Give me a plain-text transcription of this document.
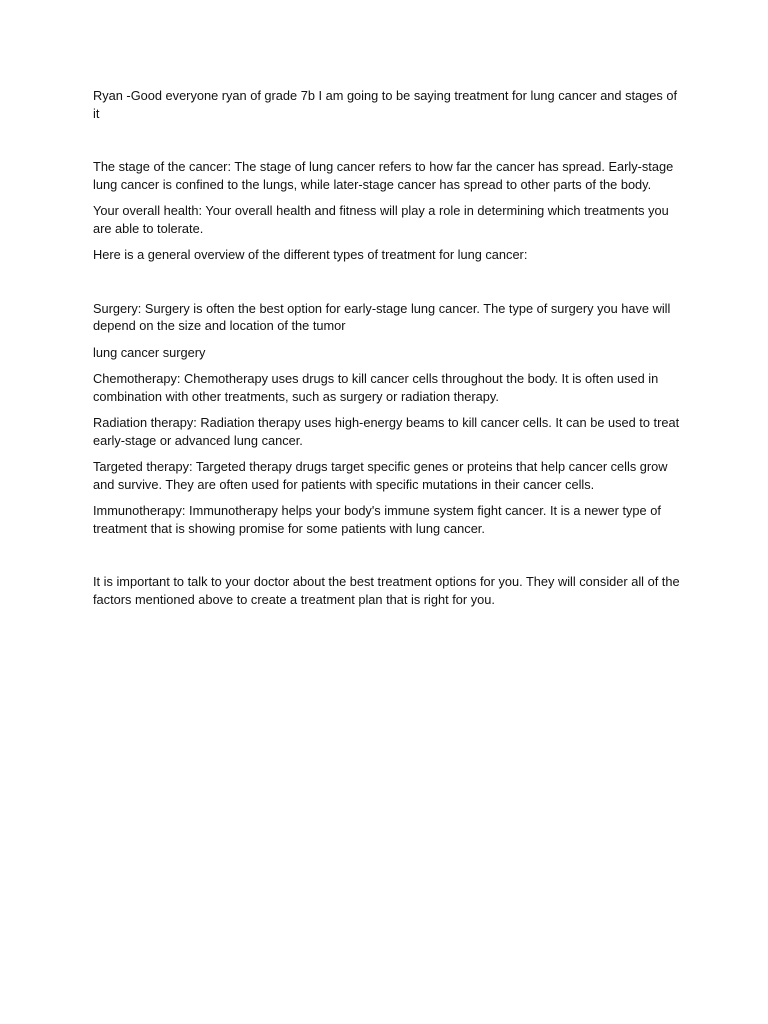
Ryan -Good everyone ryan of grade 7b I am going to be saying treatment for lung cancer and stages of it

The stage of the cancer: The stage of lung cancer refers to how far the cancer has spread. Early-stage lung cancer is confined to the lungs, while later-stage cancer has spread to other parts of the body.

Your overall health: Your overall health and fitness will play a role in determining which treatments you are able to tolerate.

Here is a general overview of the different types of treatment for lung cancer:

Surgery: Surgery is often the best option for early-stage lung cancer. The type of surgery you have will depend on the size and location of the tumor

lung cancer surgery

Chemotherapy: Chemotherapy uses drugs to kill cancer cells throughout the body. It is often used in combination with other treatments, such as surgery or radiation therapy.

Radiation therapy: Radiation therapy uses high-energy beams to kill cancer cells. It can be used to treat early-stage or advanced lung cancer.

Targeted therapy: Targeted therapy drugs target specific genes or proteins that help cancer cells grow and survive. They are often used for patients with specific mutations in their cancer cells.

Immunotherapy: Immunotherapy helps your body's immune system fight cancer. It is a newer type of treatment that is showing promise for some patients with lung cancer.

It is important to talk to your doctor about the best treatment options for you. They will consider all of the factors mentioned above to create a treatment plan that is right for you.
